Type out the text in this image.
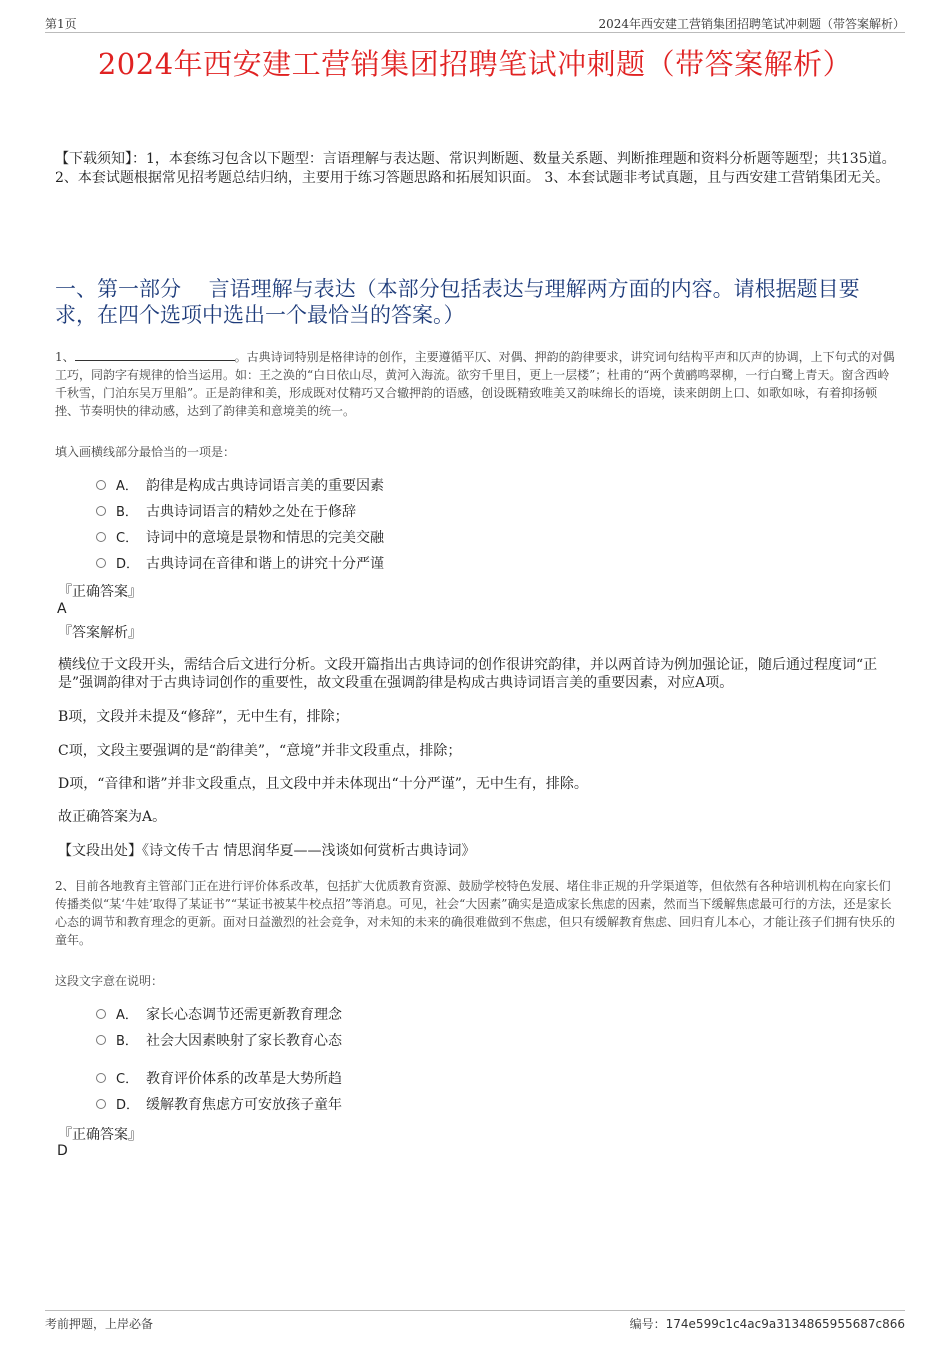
第1页	2024年西安建工营销集团招聘笔试冲刺题（带答案解析）
2024年西安建工营销集团招聘笔试冲刺题（带答案解析）
【下载须知】：1，本套练习包含以下题型：言语理解与表达题、常识判断题、数量关系题、判断推理题和资料分析题等题型；共135道。 2、本套试题根据常见招考题总结归纳，主要用于练习答题思路和拓展知识面。 3、本套试题非考试真题，且与西安建工营销集团无关。
一、第一部分　 言语理解与表达（本部分包括表达与理解两方面的内容。请根据题目要求，在四个选项中选出一个最恰当的答案。）
1、	。古典诗词特别是格律诗的创作，主要遵循平仄、对偶、押韵的韵律要求，讲究词句结构平声和仄声的协调，上下句式的对偶工巧，同韵字有规律的恰当运用。如：王之涣的“白日依山尽，黄河入海流。欲穷千里目，更上一层楼”；杜甫的“两个黄鹂鸣翠柳，一行白鹭上青天。窗含西岭千秋雪，门泊东吴万里船”。正是韵律和美，形成既对仗精巧又合辙押韵的语感，创设既精致唯美又韵味绵长的语境，读来朗朗上口、如歌如咏，有着抑扬顿挫、节奏明快的律动感，达到了韵律美和意境美的统一。
填入画横线部分最恰当的一项是：
A． 韵律是构成古典诗词语言美的重要因素
B． 古典诗词语言的精妙之处在于修辞
C． 诗词中的意境是景物和情思的完美交融
D． 古典诗词在音律和谐上的讲究十分严谨
『正确答案』
A
『答案解析』
横线位于文段开头，需结合后文进行分析。文段开篇指出古典诗词的创作很讲究韵律，并以两首诗为例加强论证，随后通过程度词“正是”强调韵律对于古典诗词创作的重要性，故文段重在强调韵律是构成古典诗词语言美的重要因素，对应A项。
B项，文段并未提及“修辞”，无中生有，排除；
C项，文段主要强调的是“韵律美”，“意境”并非文段重点，排除；
D项，“音律和谐”并非文段重点，且文段中并未体现出“十分严谨”，无中生有，排除。
故正确答案为A。
【文段出处】《诗文传千古 情思润华夏——浅谈如何赏析古典诗词》
2、目前各地教育主管部门正在进行评价体系改革，包括扩大优质教育资源、鼓励学校特色发展、堵住非正规的升学渠道等，但依然有各种培训机构在向家长们传播类似“某‘牛娃’取得了某证书”“某证书被某牛校点招”等消息。可见，社会“大因素”确实是造成家长焦虑的因素，然而当下缓解焦虑最可行的方法，还是家长心态的调节和教育理念的更新。面对日益激烈的社会竞争，对未知的未来的确很难做到不焦虑，但只有缓解教育焦虑、回归育儿本心，才能让孩子们拥有快乐的童年。
这段文字意在说明：
A． 家长心态调节还需更新教育理念
B． 社会大因素映射了家长教育心态
C． 教育评价体系的改革是大势所趋
D． 缓解教育焦虑方可安放孩子童年
『正确答案』
D
考前押题，上岸必备	编号：174e599c1c4ac9a3134865955687c866
